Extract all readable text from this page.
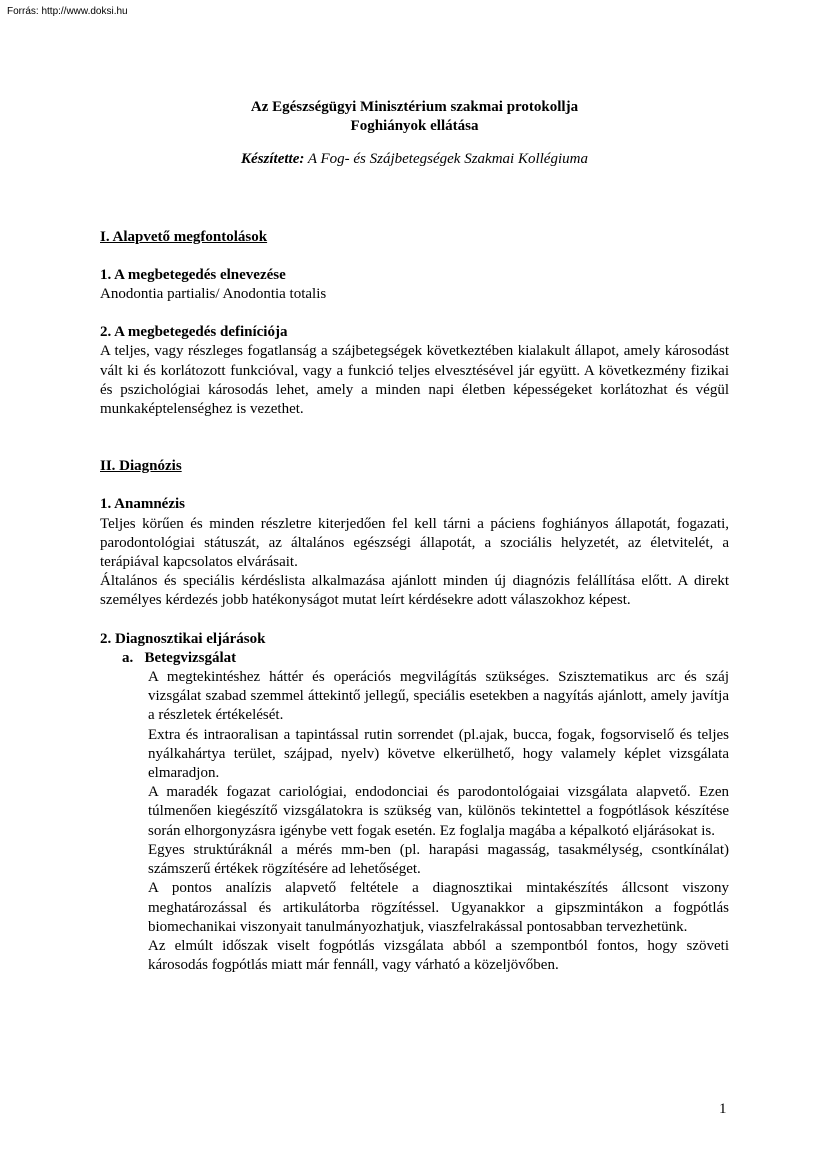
Forrás: http://www.doksi.hu
Az Egészségügyi Minisztérium szakmai protokollja
Foghiányok ellátása
Készítette: A Fog- és Szájbetegségek Szakmai Kollégiuma
I. Alapvető megfontolások
1. A megbetegedés elnevezése

Anodontia partialis/ Anodontia totalis

2. A megbetegedés definíciója

A teljes, vagy részleges fogatlanság a szájbetegségek következtében kialakult állapot, amely károsodást vált ki és korlátozott funkcióval, vagy a funkció teljes elvesztésével jár együtt. A következmény fizikai és pszichológiai károsodás lehet, amely a minden napi életben képességeket korlátozhat és végül munkaképtelenséghez is vezethet.

II. Diagnózis
1. Anamnézis

Teljes körűen és minden részletre kiterjedően fel kell tárni a páciens foghiányos állapotát, fogazati, parodontológiai státuszát, az általános egészségi állapotát, a szociális helyzetét, az életvitelét, a terápiával kapcsolatos elvárásait.

Általános és speciális kérdéslista alkalmazása ajánlott minden új diagnózis felállítása előtt. A direkt személyes kérdezés jobb hatékonyságot mutat leírt kérdésekre adott válaszokhoz képest.

2. Diagnosztikai eljárások
a.   Betegvizsgálat

A megtekintéshez háttér és operációs megvilágítás szükséges. Szisztematikus arc és száj vizsgálat szabad szemmel áttekintő jellegű, speciális esetekben a nagyítás ajánlott, amely javítja a részletek értékelését.

Extra és intraoralisan a tapintással rutin sorrendet (pl.ajak, bucca, fogak, fogsorviselő és teljes nyálkahártya terület, szájpad, nyelv) követve elkerülhető, hogy valamely képlet vizsgálata elmaradjon.

A maradék fogazat cariológiai, endodonciai és parodontológaiai vizsgálata alapvető. Ezen túlmenően kiegészítő vizsgálatokra is szükség van, különös tekintettel a fogpótlások készítése során elhorgonyzásra igénybe vett fogak esetén. Ez foglalja magába a képalkotó eljárásokat is.

Egyes struktúráknál a mérés mm-ben (pl. harapási magasság, tasakmélység, csontkínálat) számszerű értékek rögzítésére ad lehetőséget.

A pontos analízis alapvető feltétele a diagnosztikai mintakészítés állcsont viszony meghatározással és artikulátorba rögzítéssel. Ugyanakkor a gipszmintákon a fogpótlás biomechanikai viszonyait tanulmányozhatjuk, viaszfelrakással pontosabban tervezhetünk.

Az elmúlt időszak viselt fogpótlás vizsgálata abból a szempontból fontos, hogy szöveti károsodás fogpótlás miatt már fennáll, vagy várható a közeljövőben.

1
